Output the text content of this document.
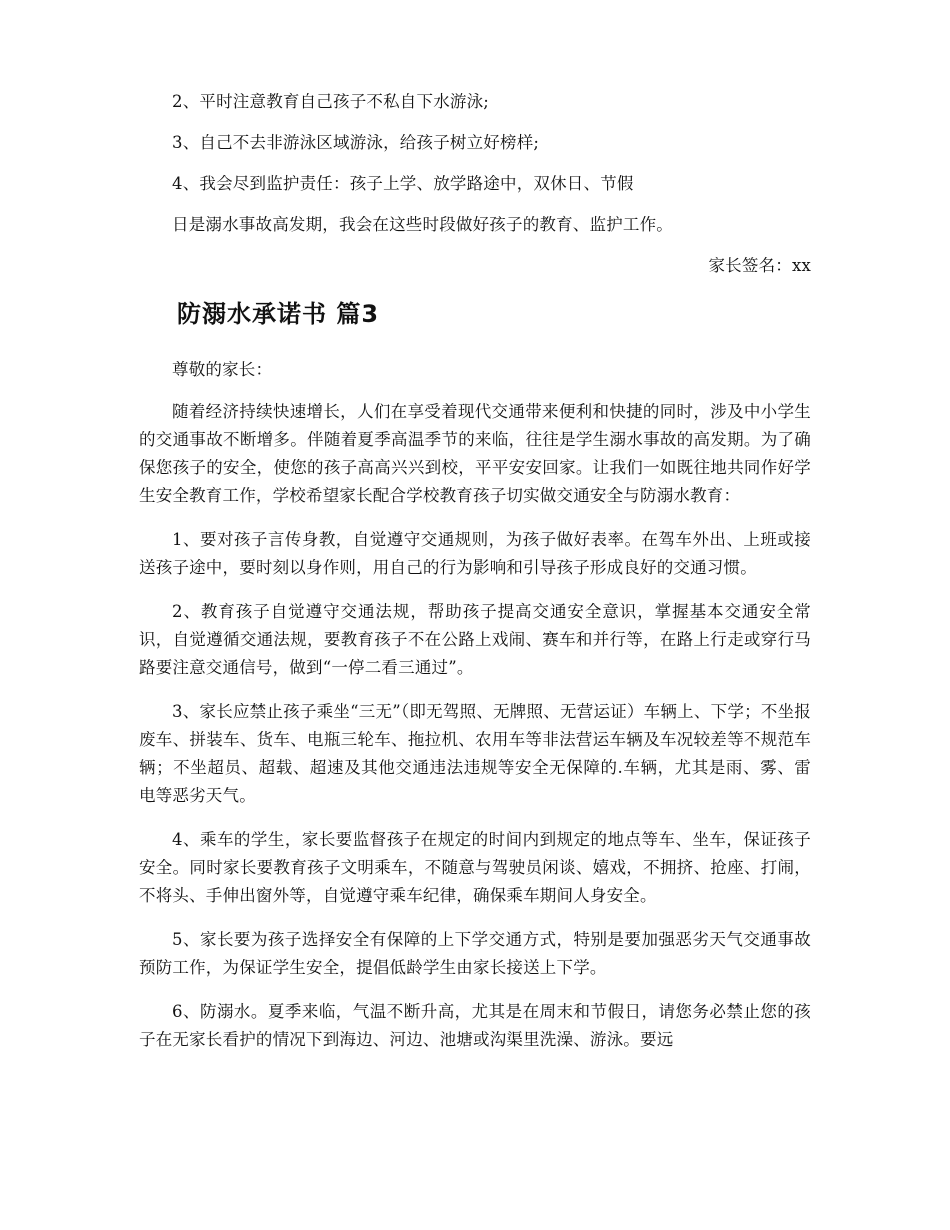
2、平时注意教育自己孩子不私自下水游泳;

3、自己不去非游泳区域游泳，给孩子树立好榜样;

4、我会尽到监护责任：孩子上学、放学路途中，双休日、节假

日是溺水事故高发期，我会在这些时段做好孩子的教育、监护工作。

家长签名：xx
防溺水承诺书 篇3

尊敬的家长：

随着经济持续快速增长，人们在享受着现代交通带来便利和快捷的同时，涉及中小学生的交通事故不断增多。伴随着夏季高温季节的来临，往往是学生溺水事故的高发期。为了确保您孩子的安全，使您的孩子高高兴兴到校，平平安安回家。让我们一如既往地共同作好学生安全教育工作，学校希望家长配合学校教育孩子切实做交通安全与防溺水教育：

1、要对孩子言传身教，自觉遵守交通规则，为孩子做好表率。在驾车外出、上班或接送孩子途中，要时刻以身作则，用自己的行为影响和引导孩子形成良好的交通习惯。

2、教育孩子自觉遵守交通法规，帮助孩子提高交通安全意识，掌握基本交通安全常识，自觉遵循交通法规，要教育孩子不在公路上戏闹、赛车和并行等，在路上行走或穿行马路要注意交通信号，做到“一停二看三通过”。

3、家长应禁止孩子乘坐“三无”（即无驾照、无牌照、无营运证）车辆上、下学；不坐报废车、拼装车、货车、电瓶三轮车、拖拉机、农用车等非法营运车辆及车况较差等不规范车辆；不坐超员、超载、超速及其他交通违法违规等安全无保障的.车辆，尤其是雨、雾、雷电等恶劣天气。

4、乘车的学生，家长要监督孩子在规定的时间内到规定的地点等车、坐车，保证孩子安全。同时家长要教育孩子文明乘车，不随意与驾驶员闲谈、嬉戏，不拥挤、抢座、打闹，不将头、手伸出窗外等，自觉遵守乘车纪律，确保乘车期间人身安全。

5、家长要为孩子选择安全有保障的上下学交通方式，特别是要加强恶劣天气交通事故预防工作，为保证学生安全，提倡低龄学生由家长接送上下学。

6、防溺水。夏季来临，气温不断升高，尤其是在周末和节假日，请您务必禁止您的孩子在无家长看护的情况下到海边、河边、池塘或沟渠里洗澡、游泳。要远
